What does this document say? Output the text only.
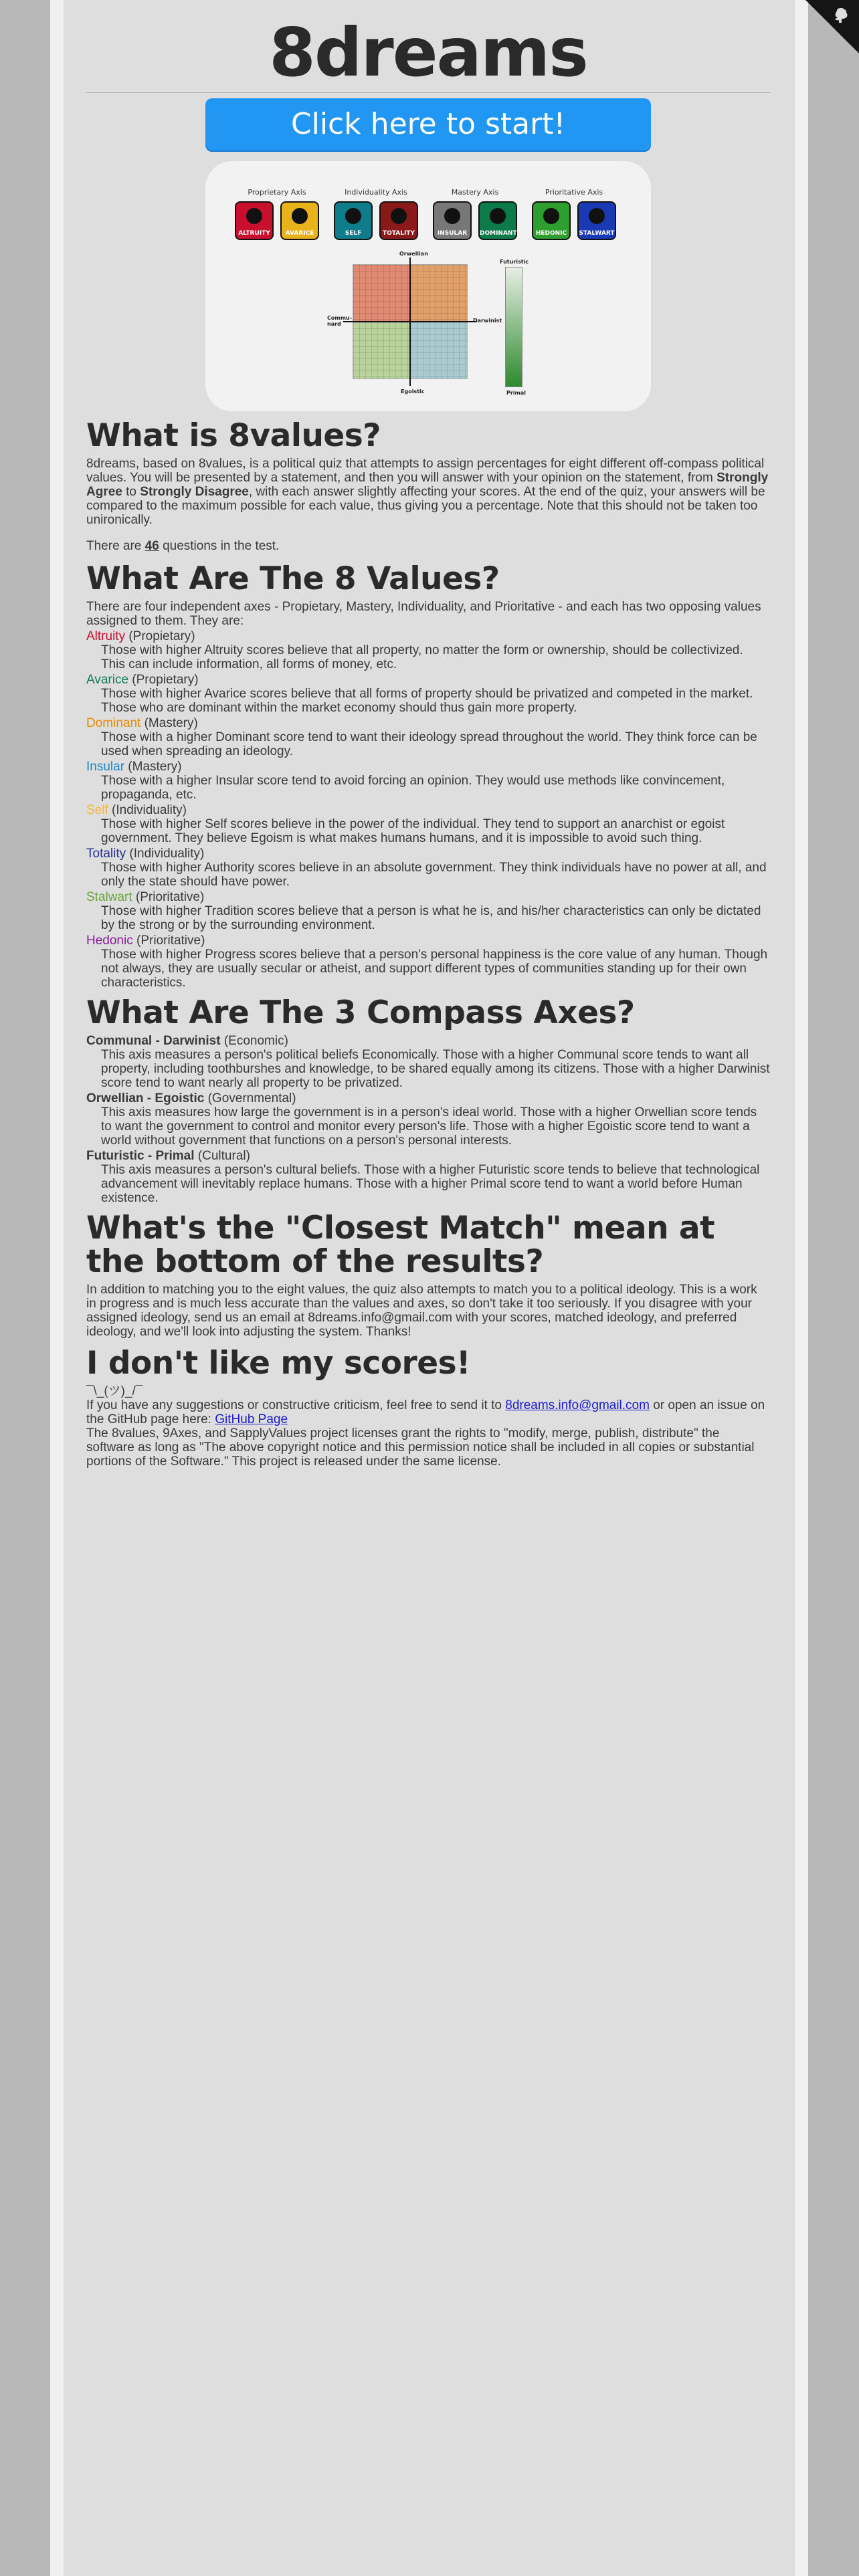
8dreams
Click here to start!
Proprietary Axis
ALTRUITY	AVARICE
Individuality Axis
SELF	TOTALITY
Mastery Axis
INSULAR	DOMINANT
Prioritative Axis
HEDONIC	STALWART
Orwellian
Egoistic
Commu-nard
Darwinist
Futuristic
Primal
What is 8values?

8dreams, based on 8values, is a political quiz that attempts to assign percentages for eight different off-compass political values. You will be presented by a statement, and then you will answer with your opinion on the statement, from Strongly Agree to Strongly Disagree, with each answer slightly affecting your scores. At the end of the quiz, your answers will be compared to the maximum possible for each value, thus giving you a percentage. Note that this should not be taken too unironically.

There are 46 questions in the test.

What Are The 8 Values?

There are four independent axes - Propietary, Mastery, Individuality, and Prioritative - and each has two opposing values assigned to them. They are:

Altruity (Propietary)
Those with higher Altruity scores believe that all property, no matter the form or ownership, should be collectivized. This can include information, all forms of money, etc.
Avarice (Propietary)
Those with higher Avarice scores believe that all forms of property should be privatized and competed in the market. Those who are dominant within the market economy should thus gain more property.
Dominant (Mastery)
Those with a higher Dominant score tend to want their ideology spread throughout the world. They think force can be used when spreading an ideology.
Insular (Mastery)
Those with a higher Insular score tend to avoid forcing an opinion. They would use methods like convincement, propaganda, etc.
Self (Individuality)
Those with higher Self scores believe in the power of the individual. They tend to support an anarchist or egoist government. They believe Egoism is what makes humans humans, and it is impossible to avoid such thing.
Totality (Individuality)
Those with higher Authority scores believe in an absolute government. They think individuals have no power at all, and only the state should have power.
Stalwart (Prioritative)
Those with higher Tradition scores believe that a person is what he is, and his/her characteristics can only be dictated by the strong or by the surrounding environment.
Hedonic (Prioritative)
Those with higher Progress scores believe that a person's personal happiness is the core value of any human. Though not always, they are usually secular or atheist, and support different types of communities standing up for their own characteristics.
What Are The 3 Compass Axes?
Communal - Darwinist (Economic)
This axis measures a person's political beliefs Economically. Those with a higher Communal score tends to want all property, including toothburshes and knowledge, to be shared equally among its citizens. Those with a higher Darwinist score tend to want nearly all property to be privatized.
Orwellian - Egoistic (Governmental)
This axis measures how large the government is in a person's ideal world. Those with a higher Orwellian score tends to want the government to control and monitor every person's life. Those with a higher Egoistic score tend to want a world without government that functions on a person's personal interests.
Futuristic - Primal (Cultural)
This axis measures a person's cultural beliefs. Those with a higher Futuristic score tends to believe that technological advancement will inevitably replace humans. Those with a higher Primal score tend to want a world before Human existence.
What's the "Closest Match" mean at the bottom of the results?

In addition to matching you to the eight values, the quiz also attempts to match you to a political ideology. This is a work in progress and is much less accurate than the values and axes, so don't take it too seriously. If you disagree with your assigned ideology, send us an email at 8dreams.info@gmail.com with your scores, matched ideology, and preferred ideology, and we'll look into adjusting the system. Thanks!

I don't like my scores!

¯\_(ツ)_/¯

If you have any suggestions or constructive criticism, feel free to send it to 8dreams.info@gmail.com or open an issue on the GitHub page here: GitHub Page

The 8values, 9Axes, and SapplyValues project licenses grant the rights to "modify, merge, publish, distribute" the software as long as "The above copyright notice and this permission notice shall be included in all copies or substantial portions of the Software." This project is released under the same license.
